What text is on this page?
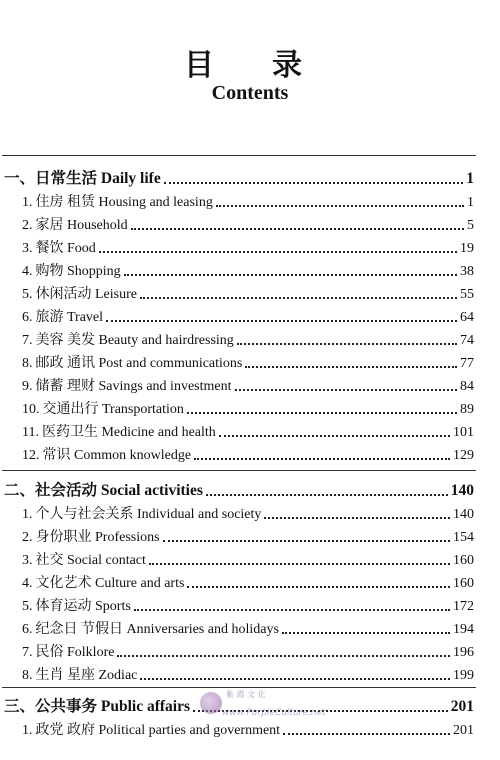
目　录
Contents
一、日常生活 Daily life	1
1. 住房 租赁 Housing and leasing	1
2. 家居 Household	5
3. 餐饮 Food	19
4. 购物 Shopping	38
5. 休闲活动 Leisure	55
6. 旅游 Travel	64
7. 美容 美发 Beauty and hairdressing	74
8. 邮政 通讯 Post and communications	77
9. 储蓄 理财 Savings and investment	84
10. 交通出行 Transportation	89
11. 医药卫生 Medicine and health	101
12. 常识 Common knowledge	129
二、社会活动 Social activities	140
1. 个人与社会关系 Individual and society	140
2. 身份职业 Professions	154
3. 社交 Social contact	160
4. 文化艺术 Culture and arts	160
5. 体育运动 Sports	172
6. 纪念日 节假日 Anniversaries and holidays	194
7. 民俗 Folklore	196
8. 生肖 星座 Zodiac	199
三、公共事务 Public affairs	201
1. 政党 政府 Political parties and government	201
紫 霞 文 化
www.PurpleCulture.net
